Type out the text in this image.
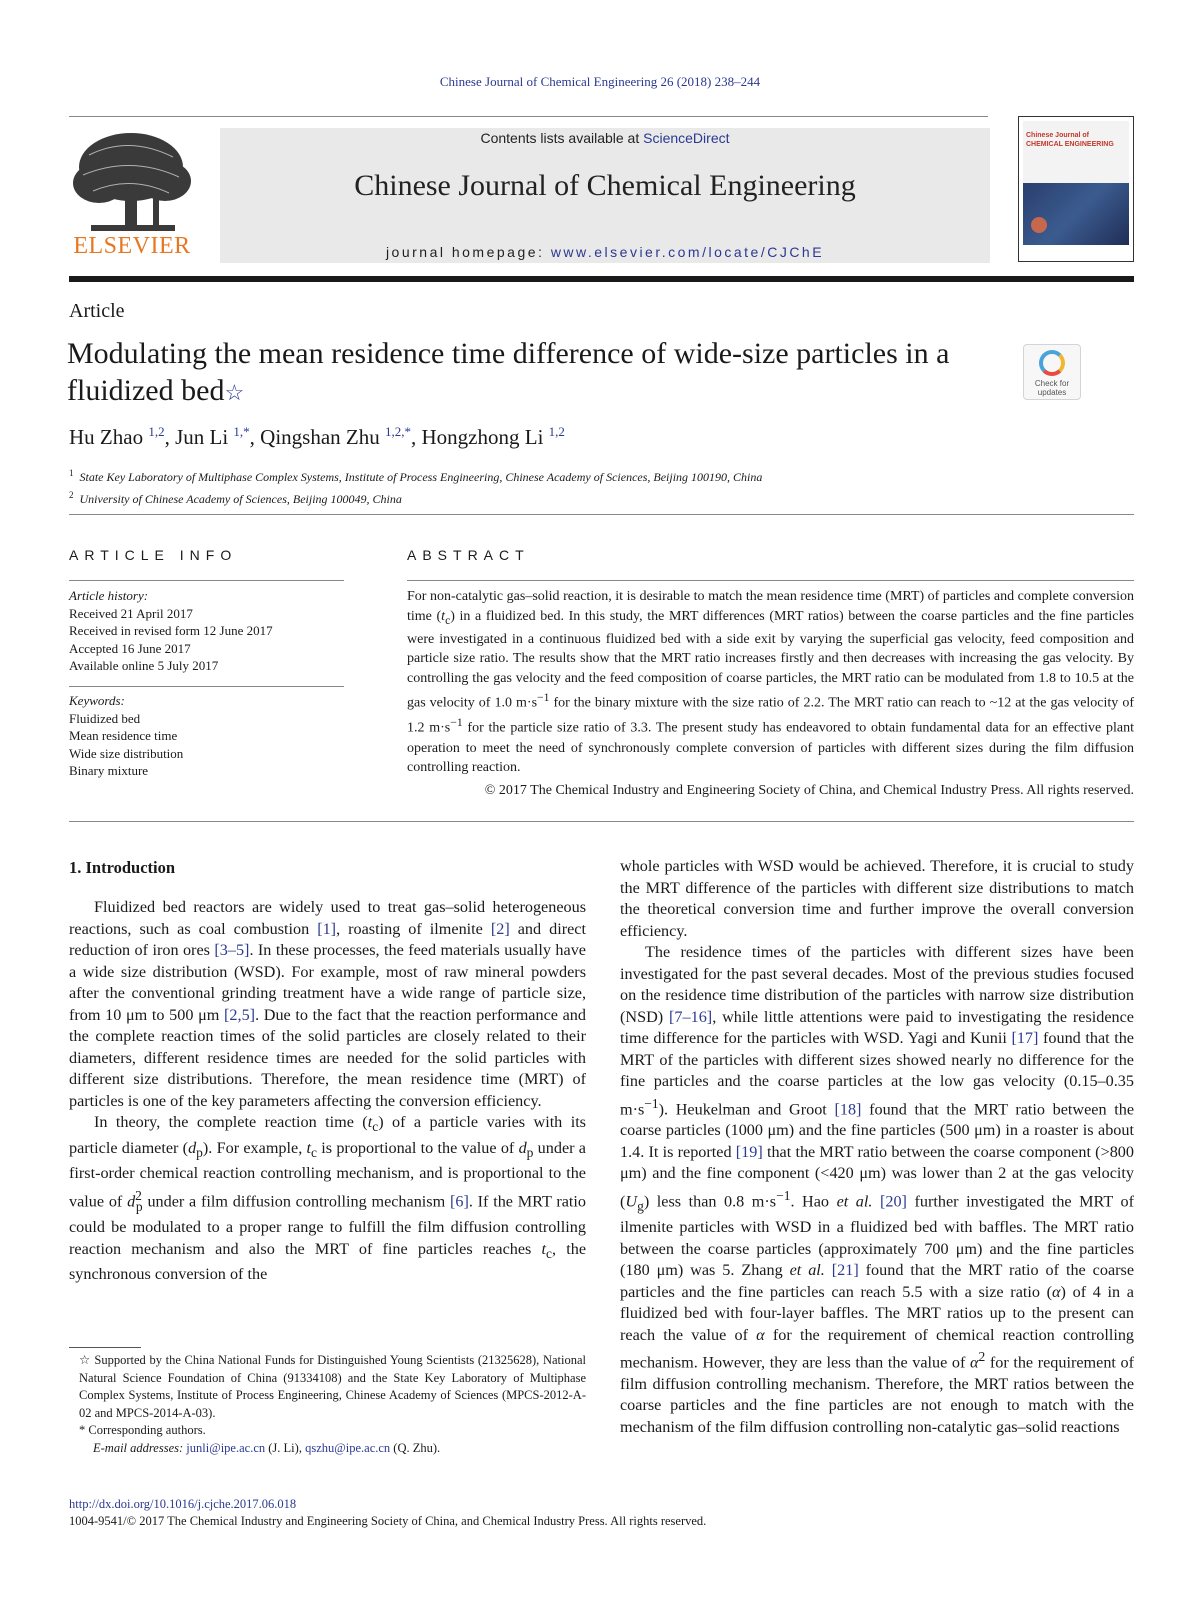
Chinese Journal of Chemical Engineering 26 (2018) 238–244
ELSEVIER
Contents lists available at ScienceDirect
Chinese Journal of Chemical Engineering
journal homepage: www.elsevier.com/locate/CJChE
Chinese Journal of CHEMICAL ENGINEERING
Article
Modulating the mean residence time difference of wide-size particles in a fluidized bed☆	Check for updates
Hu Zhao $^{1,2}$, Jun Li $^{1,*}$, Qingshan Zhu $^{1,2,*}$, Hongzhong Li $^{1,2}$
$^1$ State Key Laboratory of Multiphase Complex Systems, Institute of Process Engineering, Chinese Academy of Sciences, Beijing 100190, China
$^2$ University of Chinese Academy of Sciences, Beijing 100049, China
ARTICLE INFO	ABSTRACT
Article history:
Received 21 April 2017
Received in revised form 12 June 2017
Accepted 16 June 2017
Available online 5 July 2017
Keywords:
Fluidized bed
Mean residence time
Wide size distribution
Binary mixture
For non-catalytic gas–solid reaction, it is desirable to match the mean residence time (MRT) of particles and complete conversion time $(t_c)$ in a fluidized bed. In this study, the MRT differences (MRT ratios) between the coarse particles and the fine particles were investigated in a continuous fluidized bed with a side exit by varying the superficial gas velocity, feed composition and particle size ratio. The results show that the MRT ratio increases firstly and then decreases with increasing the gas velocity. By controlling the gas velocity and the feed composition of coarse particles, the MRT ratio can be modulated from 1.8 to 10.5 at the gas velocity of 1.0 $m\cdot s^{-1}$ for the binary mixture with the size ratio of 2.2. The MRT ratio can reach to ~12 at the gas velocity of 1.2 $m\cdot s^{-1}$ for the particle size ratio of 3.3. The present study has endeavored to obtain fundamental data for an effective plant operation to meet the need of synchronously complete conversion of particles with different sizes during the film diffusion controlling reaction.
© 2017 The Chemical Industry and Engineering Society of China, and Chemical Industry Press. All rights reserved.
1. Introduction

Fluidized bed reactors are widely used to treat gas–solid heterogeneous reactions, such as coal combustion [1], roasting of ilmenite [2] and direct reduction of iron ores [3–5]. In these processes, the feed materials usually have a wide size distribution (WSD). For example, most of raw mineral powders after the conventional grinding treatment have a wide range of particle size, from 10 μm to 500 μm [2,5]. Due to the fact that the reaction performance and the complete reaction times of the solid particles are closely related to their diameters, different residence times are needed for the solid particles with different size distributions. Therefore, the mean residence time (MRT) of particles is one of the key parameters affecting the conversion efficiency.

In theory, the complete reaction time $(t_c)$ of a particle varies with its particle diameter $(d_p)$. For example, $t_c$ is proportional to the value of $d_p$ under a first-order chemical reaction controlling mechanism, and is proportional to the value of $d^2_p$ under a film diffusion controlling mechanism [6]. If the MRT ratio could be modulated to a proper range to fulfill the film diffusion controlling reaction mechanism and also the MRT of fine particles reaches $t_c$, the synchronous conversion of the

whole particles with WSD would be achieved. Therefore, it is crucial to study the MRT difference of the particles with different size distributions to match the theoretical conversion time and further improve the overall conversion efficiency.

The residence times of the particles with different sizes have been investigated for the past several decades. Most of the previous studies focused on the residence time distribution of the particles with narrow size distribution (NSD) [7–16], while little attentions were paid to investigating the residence time difference for the particles with WSD. Yagi and Kunii [17] found that the MRT of the particles with different sizes showed nearly no difference for the fine particles and the coarse particles at the low gas velocity (0.15–0.35 $m\cdot s^{-1}$). Heukelman and Groot [18] found that the MRT ratio between the coarse particles (1000 μm) and the fine particles (500 μm) in a roaster is about 1.4. It is reported [19] that the MRT ratio between the coarse component (>800 μm) and the fine component (<420 μm) was lower than 2 at the gas velocity $(U_g)$ less than 0.8 $m\cdot s^{-1}$. Hao et al. [20] further investigated the MRT of ilmenite particles with WSD in a fluidized bed with baffles. The MRT ratio between the coarse particles (approximately 700 μm) and the fine particles (180 μm) was 5. Zhang et al. [21] found that the MRT ratio of the coarse particles and the fine particles can reach 5.5 with a size ratio (α) of 4 in a fluidized bed with four-layer baffles. The MRT ratios up to the present can reach the value of α for the requirement of chemical reaction controlling mechanism. However, they are less than the value of $\alpha^2$ for the requirement of film diffusion controlling mechanism. Therefore, the MRT ratios between the coarse particles and the fine particles are not enough to match with the mechanism of the film diffusion controlling non-catalytic gas–solid reactions

☆ Supported by the China National Funds for Distinguished Young Scientists (21325628), National Natural Science Foundation of China (91334108) and the State Key Laboratory of Multiphase Complex Systems, Institute of Process Engineering, Chinese Academy of Sciences (MPCS-2012-A-02 and MPCS-2014-A-03).
* Corresponding authors.
E-mail addresses: junli@ipe.ac.cn (J. Li), qszhu@ipe.ac.cn (Q. Zhu).
http://dx.doi.org/10.1016/j.cjche.2017.06.018
1004-9541/© 2017 The Chemical Industry and Engineering Society of China, and Chemical Industry Press. All rights reserved.
